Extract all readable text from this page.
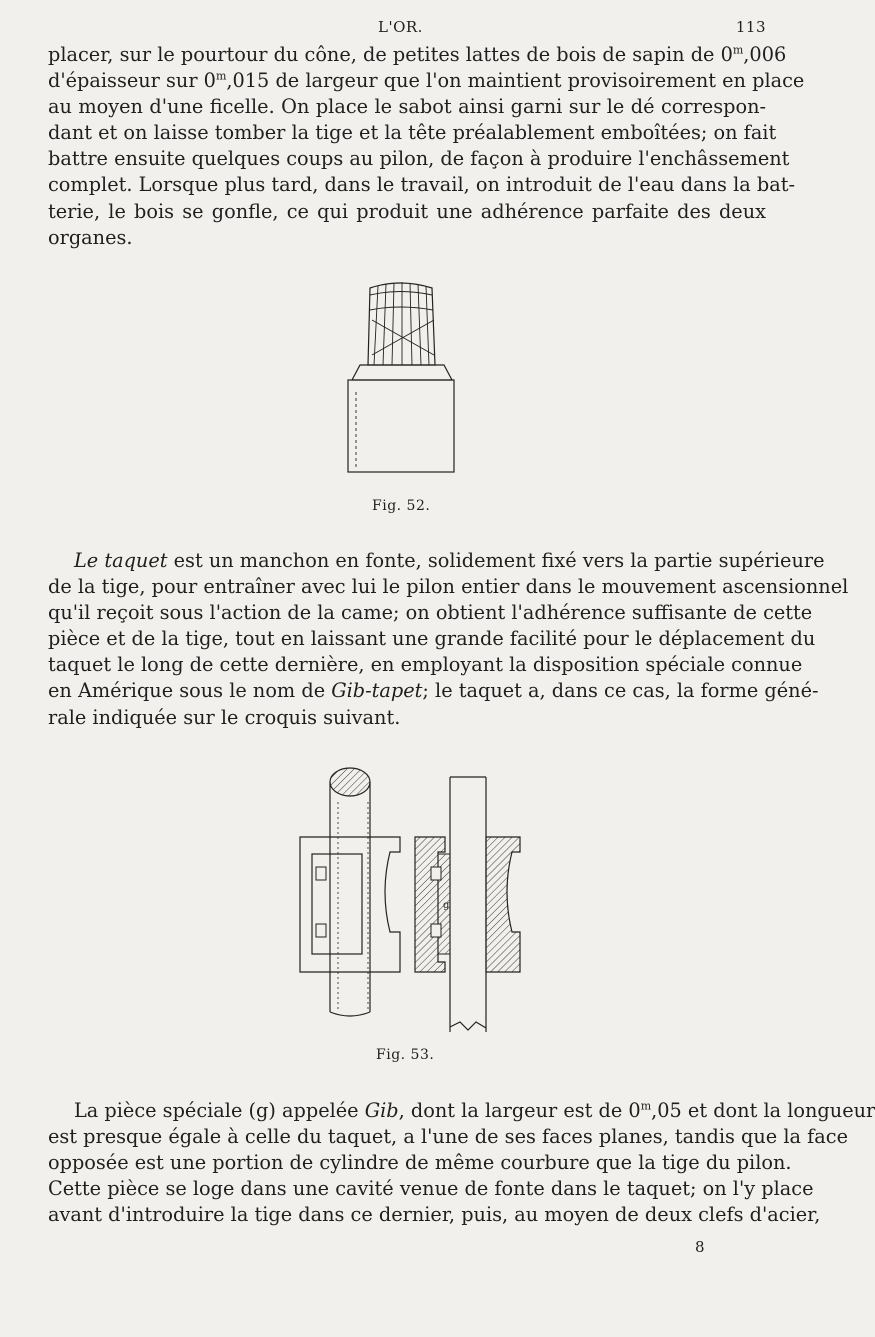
L'OR.	113
placer, sur le pourtour du cône, de petites lattes de bois de sapin de 0$^m$,006
d'épaisseur sur 0$^m$,015 de largeur que l'on maintient provisoirement en place
au moyen d'une ficelle. On place le sabot ainsi garni sur le dé correspon-
dant et on laisse tomber la tige et la tête préalablement emboîtées; on fait
battre ensuite quelques coups au pilon, de façon à produire l'enchâssement
complet. Lorsque plus tard, dans le travail, on introduit de l'eau dans la bat-
terie, le bois se gonfle, ce qui produit une adhérence parfaite des deux
organes.
Fig. 52.
Le taquet est un manchon en fonte, solidement fixé vers la partie supérieure
de la tige, pour entraîner avec lui le pilon entier dans le mouvement ascensionnel
qu'il reçoit sous l'action de la came; on obtient l'adhérence suffisante de cette
pièce et de la tige, tout en laissant une grande facilité pour le déplacement du
taquet le long de cette dernière, en employant la disposition spéciale connue
en Amérique sous le nom de Gib-tapet; le taquet a, dans ce cas, la forme géné-
rale indiquée sur le croquis suivant.
g
Fig. 53.
La pièce spéciale (g) appelée Gib, dont la largeur est de 0$^m$,05 et dont la longueur
est presque égale à celle du taquet, a l'une de ses faces planes, tandis que la face
opposée est une portion de cylindre de même courbure que la tige du pilon.
Cette pièce se loge dans une cavité venue de fonte dans le taquet; on l'y place
avant d'introduire la tige dans ce dernier, puis, au moyen de deux clefs d'acier,
8
